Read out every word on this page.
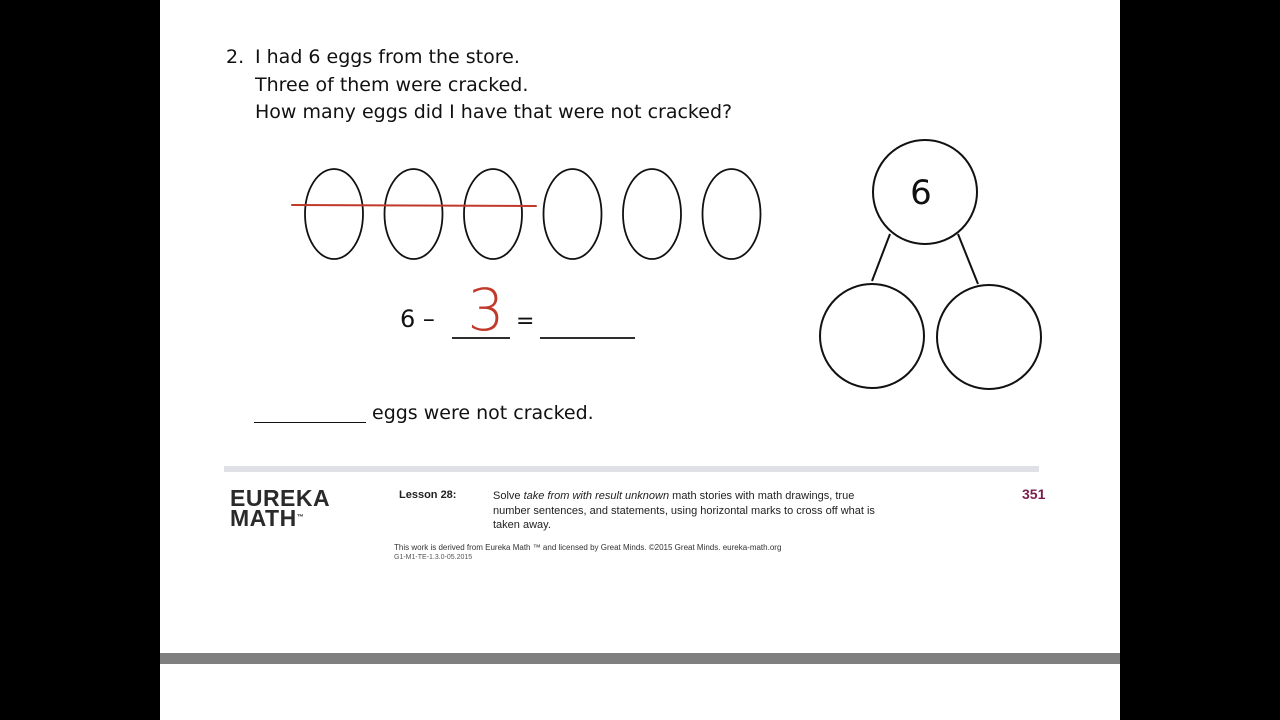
2. I had 6 eggs from the store.
Three of them were cracked.
How many eggs did I have that were not cracked?
6
3
6 –	=
eggs were not cracked.
EUREKA
MATH™
Lesson 28:	Solve take from with result unknown math stories with math drawings, true number sentences, and statements, using horizontal marks to cross off what is taken away.
351
This work is derived from Eureka Math ™ and licensed by Great Minds. ©2015 Great Minds. eureka-math.org
G1-M1-TE-1.3.0-05.2015
